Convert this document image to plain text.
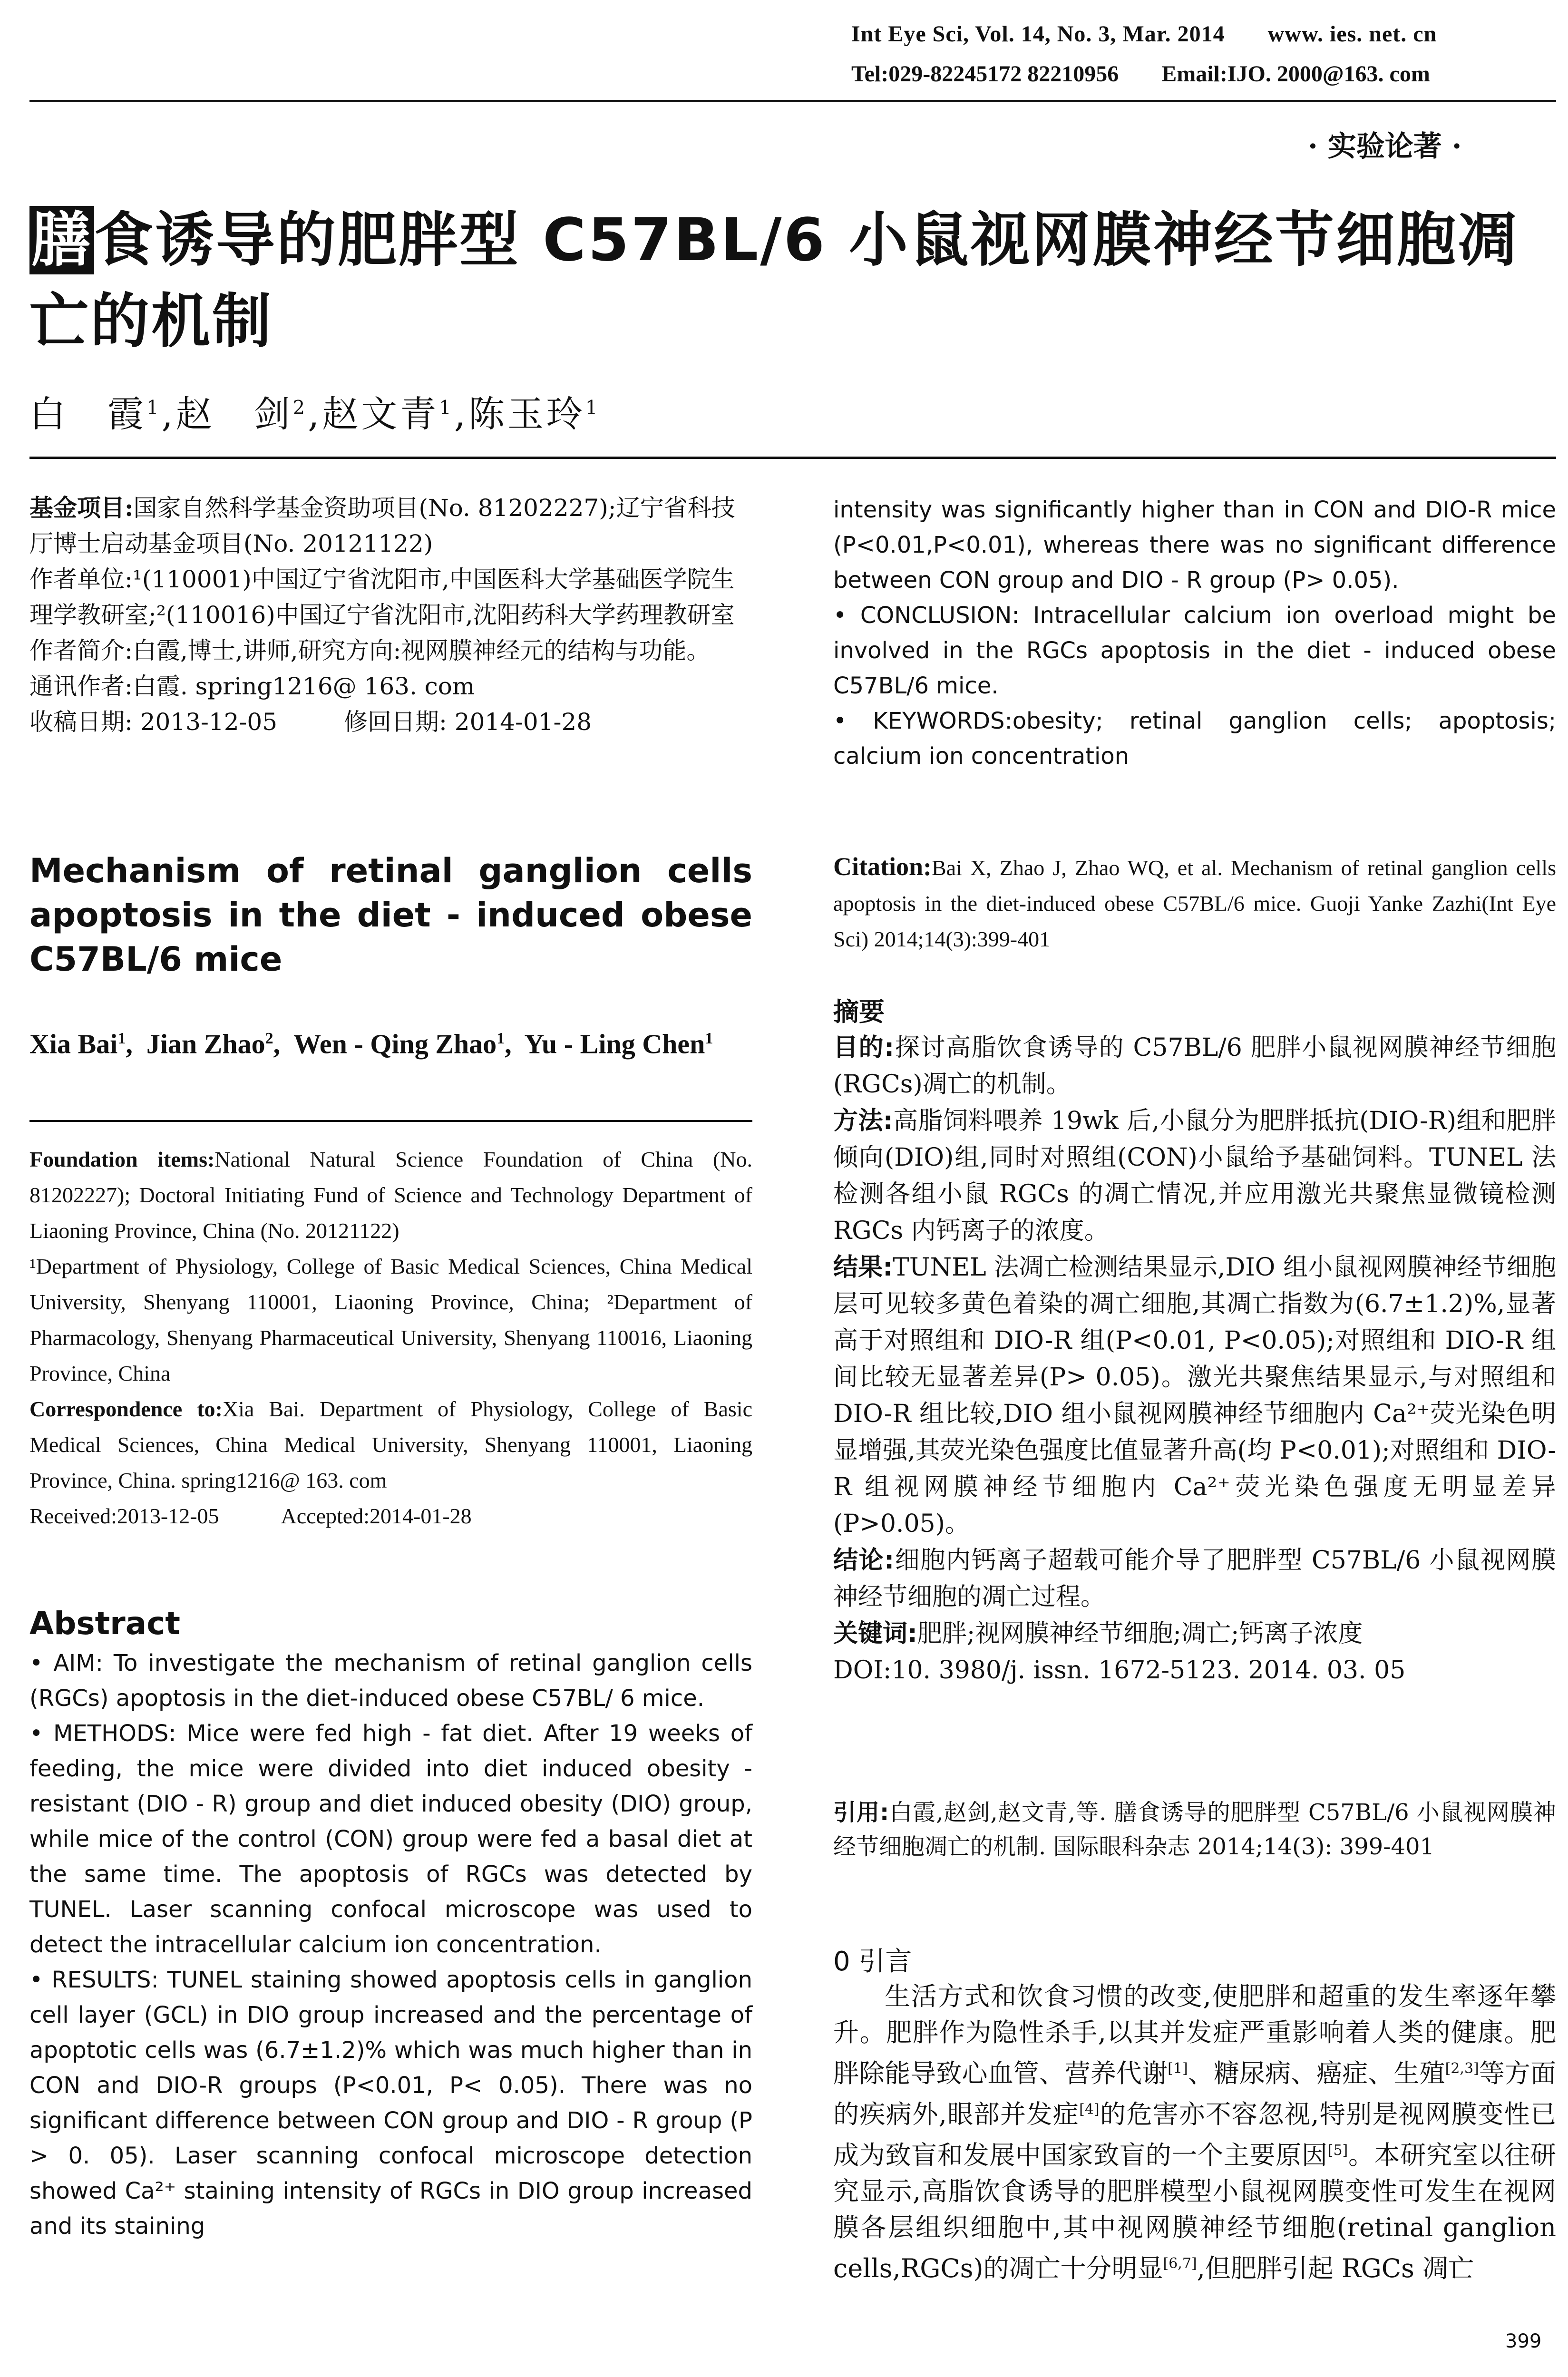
Int Eye Sci, Vol. 14, No. 3, Mar. 2014 www. ies. net. cn
Tel:029-82245172 82210956 Email:IJO. 2000@163. com
· 实验论著 ·
膳食诱导的肥胖型 C57BL/6 小鼠视网膜神经节细胞凋亡的机制
白　霞$^1$,赵　剑$^2$,赵文青$^1$,陈玉玲$^1$
基金项目:国家自然科学基金资助项目(No. 81202227);辽宁省科技厅博士启动基金项目(No. 20121122)
作者单位:¹(110001)中国辽宁省沈阳市,中国医科大学基础医学院生理学教研室;²(110016)中国辽宁省沈阳市,沈阳药科大学药理教研室
作者简介:白霞,博士,讲师,研究方向:视网膜神经元的结构与功能。
通讯作者:白霞. spring1216@ 163. com
收稿日期: 2013-12-05	修回日期: 2014-01-28
Mechanism of retinal ganglion cells apoptosis in the diet - induced obese C57BL/6 mice
Xia Bai$^1$,  Jian Zhao$^2$,  Wen - Qing Zhao$^1$,  Yu - Ling Chen$^1$
Foundation items:National Natural Science Foundation of China (No. 81202227); Doctoral Initiating Fund of Science and Technology Department of Liaoning Province, China (No. 20121122)
¹Department of Physiology, College of Basic Medical Sciences, China Medical University, Shenyang 110001, Liaoning Province, China; ²Department of Pharmacology, Shenyang Pharmaceutical University, Shenyang 110016, Liaoning Province, China
Correspondence to:Xia Bai. Department of Physiology, College of Basic Medical Sciences, China Medical University, Shenyang 110001, Liaoning Province, China. spring1216@ 163. com
Received:2013-12-05	Accepted:2014-01-28
Abstract
• AIM: To investigate the mechanism of retinal ganglion cells (RGCs) apoptosis in the diet-induced obese C57BL/ 6 mice.
• METHODS: Mice were fed high - fat diet. After 19 weeks of feeding, the mice were divided into diet induced obesity - resistant (DIO - R) group and diet induced obesity (DIO) group, while mice of the control (CON) group were fed a basal diet at the same time. The apoptosis of RGCs was detected by TUNEL. Laser scanning confocal microscope was used to detect the intracellular calcium ion concentration.
• RESULTS: TUNEL staining showed apoptosis cells in ganglion cell layer (GCL) in DIO group increased and the percentage of apoptotic cells was (6.7±1.2)% which was much higher than in CON and DIO-R groups (P<0.01, P< 0.05). There was no significant difference between CON group and DIO - R group (P > 0. 05). Laser scanning confocal microscope detection showed Ca²⁺ staining intensity of RGCs in DIO group increased and its staining
intensity was significantly higher than in CON and DIO-R mice (P<0.01,P<0.01), whereas there was no significant difference between CON group and DIO - R group (P> 0.05).
• CONCLUSION: Intracellular calcium ion overload might be involved in the RGCs apoptosis in the diet - induced obese C57BL/6 mice.
• KEYWORDS:obesity; retinal ganglion cells; apoptosis; calcium ion concentration
Citation:Bai X, Zhao J, Zhao WQ, et al. Mechanism of retinal ganglion cells apoptosis in the diet-induced obese C57BL/6 mice. Guoji Yanke Zazhi(Int Eye Sci) 2014;14(3):399-401
摘要
目的:探讨高脂饮食诱导的 C57BL/6 肥胖小鼠视网膜神经节细胞(RGCs)凋亡的机制。
方法:高脂饲料喂养 19wk 后,小鼠分为肥胖抵抗(DIO-R)组和肥胖倾向(DIO)组,同时对照组(CON)小鼠给予基础饲料。TUNEL 法检测各组小鼠 RGCs 的凋亡情况,并应用激光共聚焦显微镜检测 RGCs 内钙离子的浓度。
结果:TUNEL 法凋亡检测结果显示,DIO 组小鼠视网膜神经节细胞层可见较多黄色着染的凋亡细胞,其凋亡指数为(6.7±1.2)%,显著高于对照组和 DIO-R 组(P<0.01, P<0.05);对照组和 DIO-R 组间比较无显著差异(P> 0.05)。激光共聚焦结果显示,与对照组和 DIO-R 组比较,DIO 组小鼠视网膜神经节细胞内 Ca²⁺荧光染色明显增强,其荧光染色强度比值显著升高(均 P<0.01);对照组和 DIO-R 组视网膜神经节细胞内 Ca²⁺荧光染色强度无明显差异(P>0.05)。
结论:细胞内钙离子超载可能介导了肥胖型 C57BL/6 小鼠视网膜神经节细胞的凋亡过程。
关键词:肥胖;视网膜神经节细胞;凋亡;钙离子浓度
DOI:10. 3980/j. issn. 1672-5123. 2014. 03. 05
引用:白霞,赵剑,赵文青,等. 膳食诱导的肥胖型 C57BL/6 小鼠视网膜神经节细胞凋亡的机制. 国际眼科杂志 2014;14(3): 399-401
0 引言
生活方式和饮食习惯的改变,使肥胖和超重的发生率逐年攀升。肥胖作为隐性杀手,以其并发症严重影响着人类的健康。肥胖除能导致心血管、营养代谢[1]、糖尿病、癌症、生殖[2,3]等方面的疾病外,眼部并发症[4]的危害亦不容忽视,特别是视网膜变性已成为致盲和发展中国家致盲的一个主要原因[5]。本研究室以往研究显示,高脂饮食诱导的肥胖模型小鼠视网膜变性可发生在视网膜各层组织细胞中,其中视网膜神经节细胞(retinal ganglion cells,RGCs)的凋亡十分明显[6,7],但肥胖引起 RGCs 凋亡
399
